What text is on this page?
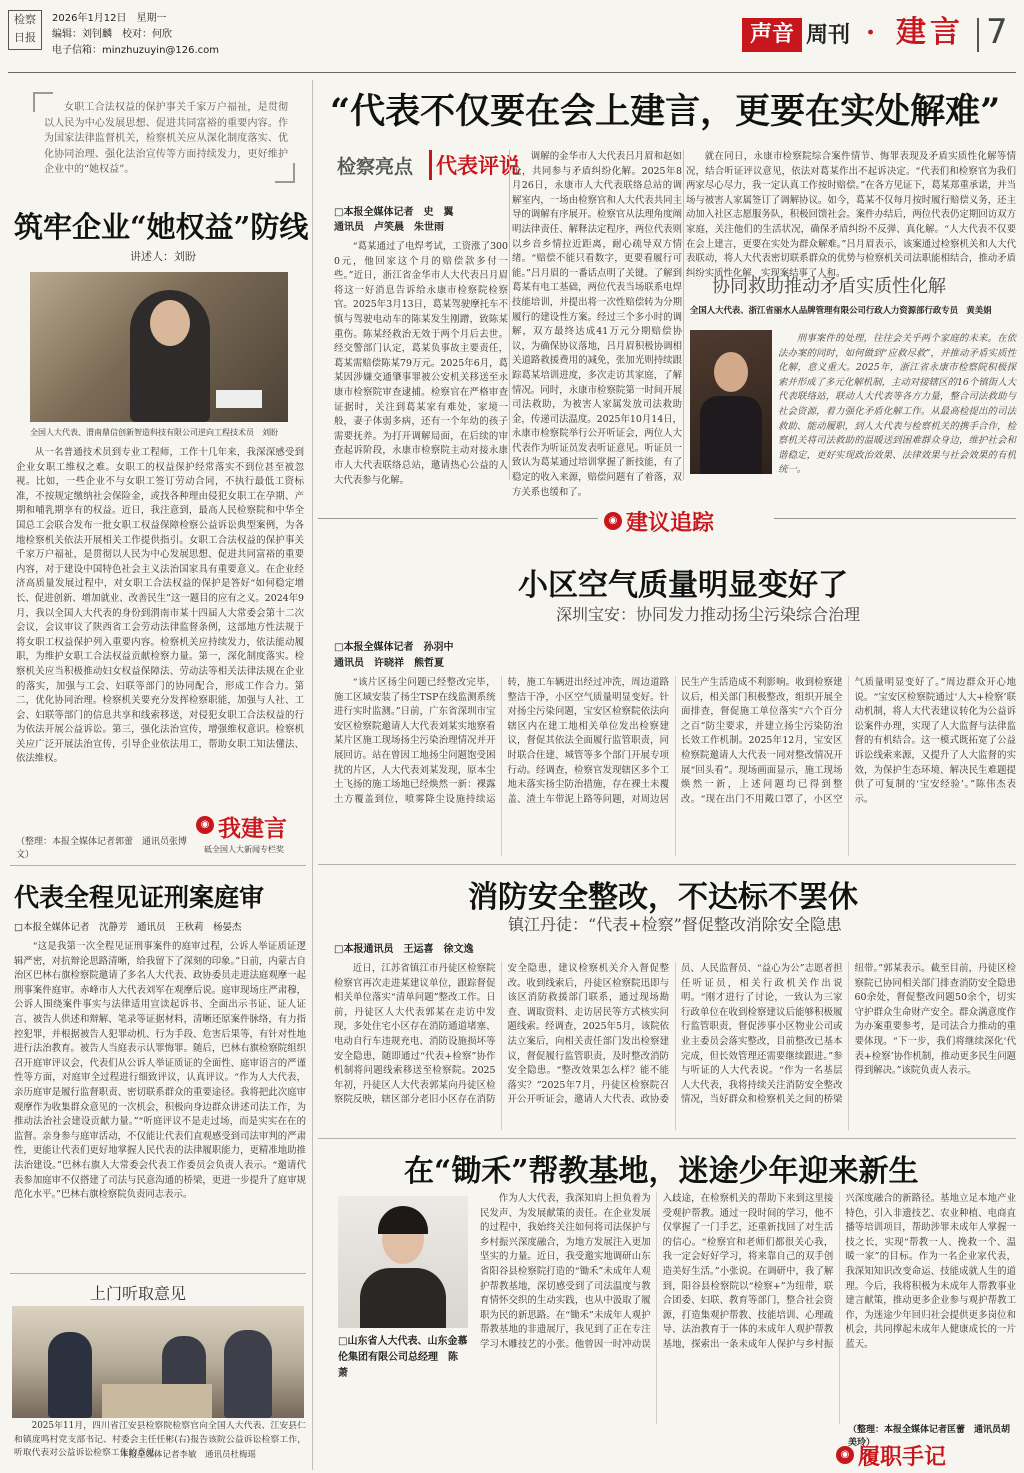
检察
日报
2026年1月12日　星期一
编辑：刘钊麟　校对：何欣
电子信箱：minzhuzuyin@126.com
声音 周刊 · 建言 7
女职工合法权益的保护事关千家万户福祉，是贯彻以人民为中心发展思想、促进共同富裕的重要内容。作为国家法律监督机关，检察机关应从深化制度落实、优化协同治理、强化法治宣传等方面持续发力，更好维护企业中的“她权益”。
筑牢企业“她权益”防线
讲述人：刘盼
全国人大代表、渭南鼎信创新智造科技有限公司逆向工程技术员　刘盼
从一名普通技术员到专业工程师，工作十几年来，我深深感受到企业女职工维权之难。女职工的权益保护经常落实不到位甚至被忽视。比如，一些企业不与女职工签订劳动合同，不执行最低工资标准，不按规定缴纳社会保险金，或找各种理由侵犯女职工在孕期、产期和哺乳期享有的权益。近日，我注意到，最高人民检察院和中华全国总工会联合发布一批女职工权益保障检察公益诉讼典型案例，为各地检察机关依法开展相关工作提供指引。女职工合法权益的保护事关千家万户福祉，是贯彻以人民为中心发展思想、促进共同富裕的重要内容，对于建设中国特色社会主义法治国家具有重要意义。在企业经济高质量发展过程中，对女职工合法权益的保护是答好“如何稳定增长、促进创新、增加就业、改善民生”这一题目的应有之义。2024年9月，我以全国人大代表的身份到渭南市某十四届人大常委会第十二次会议，会议审议了陕西省工会劳动法律监督条例，这部地方性法规于将女职工权益保护列入重要内容。检察机关应持续发力，依法能动履职，为维护女职工合法权益贡献检察力量。第一，深化制度落实。检察机关应当积极推动妇女权益保障法、劳动法等相关法律法规在企业的落实，加强与工会、妇联等部门的协同配合，形成工作合力。第二，优化协同治理。检察机关要充分发挥检察职能，加强与人社、工会、妇联等部门的信息共享和线索移送，对侵犯女职工合法权益的行为依法开展公益诉讼。第三，强化法治宣传，增强维权意识。检察机关应广泛开展法治宣传，引导企业依法用工，帮助女职工知法懂法、依法维权。
（整理：本报全媒体记者郭蕾　通讯员张博文）
◉ 我建言
砥全国人大新闻专栏奖
代表全程见证刑案庭审
□本报全媒体记者　沈静芳　通讯员　王秋莉　杨晏杰
“这是我第一次全程见证刑事案件的庭审过程，公诉人举证质证逻辑严密，对抗辩论思路清晰，给我留下了深刻的印象。”日前，内蒙古自治区巴林右旗检察院邀请了多名人大代表、政协委员走进法庭观摩一起刑事案件庭审。赤峰市人大代表刘军在观摩后说。庭审现场庄严肃穆，公诉人围绕案件事实与法律适用宣读起诉书、全面出示书证、证人证言、被告人供述和辩解、笔录等证据材料，清晰还原案件脉络，有力指控犯罪，并根据被告人犯罪动机、行为手段、危害后果等，有针对性地进行法治教育。被告人当庭表示认罪悔罪。随后，巴林右旗检察院组织召开庭审评议会，代表们从公诉人举证质证的全面性、庭审语言的严谨性等方面，对庭审全过程进行细致评议，认真评议。“作为人大代表，亲历庭审是履行监督职责、密切联系群众的重要途径。我将把此次庭审观摩作为收集群众意见的一次机会，积极向身边群众讲述司法工作，为推动法治社会建设贡献力量。”“听庭评议不是走过场，而是实实在在的监督。亲身参与庭审活动，不仅能让代表们直观感受到司法审判的严肃性，更能让代表们更好地掌握人民代表的法律履职能力，更精准地助推法治建设。”巴林右旗人大常委会代表工作委员会负责人表示。“邀请代表参加庭审不仅搭建了司法与民意沟通的桥梁，更进一步提升了庭审规范化水平。”巴林右旗检察院负责同志表示。
上门听取意见
2025年11月，四川省江安县检察院检察官向全国人大代表、江安县仁和镇庞鸣村党支部书记、村委会主任任彬(右)报告该院公益诉讼检察工作，听取代表对公益诉讼检察工作的意见。
本报全媒体记者李敏　通讯员杜梅瑶
“代表不仅要在会上建言，更要在实处解难”
检察亮点	代表评说
□本报全媒体记者　史　翼
通讯员　卢笑晨　朱世雨
“葛某通过了电焊考试，工资涨了3000元，他回家这个月的赔偿款多付一些。”近日，浙江省金华市人大代表吕月眉将这一好消息告诉给永康市检察院检察官。2025年3月13日，葛某驾驶摩托车不慎与驾驶电动车的陈某发生刚蹭，致陈某重伤。陈某经救治无效于两个月后去世。经交警部门认定，葛某负事故主要责任，葛某需赔偿陈某79万元。2025年6月，葛某因涉嫌交通肇事罪被公安机关移送至永康市检察院审查逮捕。检察官在严格审查证据时，关注到葛某家有难处，家境一般，妻子体弱多病，还有一个年幼的孩子需要抚养。为打开调解局面，在后续的审查起诉阶段，永康市检察院主动对接永康市人大代表联络总站，邀请热心公益的人大代表参与化解。
调解的金华市人大代表吕月眉和赵如沧，共同参与矛盾纠纷化解。2025年8月26日，永康市人大代表联络总站的调解室内，一场由检察官和人大代表共同主导的调解有序展开。检察官从法理角度阐明法律责任、解释法定程序，两位代表则以乡音乡情拉近距离，耐心疏导双方情绪。“赔偿不能只看数字，更要看履行可能。”吕月眉的一番话点明了关键。了解到葛某有电工基础，两位代表当场联系电焊技能培训，并提出将一次性赔偿转为分期履行的建设性方案。经过三个多小时的调解，双方最终达成41万元分期赔偿协议，为确保协议落地，吕月眉积极协调相关道路救援费用的减免，张加光则持续跟踪葛某培训进度，多次走访其家庭，了解情况。同时，永康市检察院第一时间开展司法救助，为被害人家属发放司法救助金，传递司法温度。2025年10月14日，永康市检察院举行公开听证会，两位人大代表作为听证员发表听证意见。听证员一致认为葛某通过培训掌握了新技能，有了稳定的收入来源，赔偿问题有了着落，双方关系也缓和了。
就在同日，永康市检察院综合案件情节、悔罪表现及矛盾实质性化解等情况，结合听证评议意见，依法对葛某作出不起诉决定。“代表们和检察官为我们两家尽心尽力，我一定认真工作按时赔偿。”在各方见证下，葛某郑重承诺，并当场与被害人家属签订了调解协议。如今，葛某不仅每月按时履行赔偿义务，还主动加入社区志愿服务队，积极回馈社会。案件办结后，两位代表仍定期回访双方家庭，关注他们的生活状况，确保矛盾纠纷不反弹、真化解。“人大代表不仅要在会上建言，更要在实处为群众解难。”吕月眉表示，该案通过检察机关和人大代表联动，将人大代表密切联系群众的优势与检察机关司法职能相结合，推动矛盾纠纷实质性化解，实现案结事了人和。
协同救助推动矛盾实质性化解
全国人大代表、浙江省丽水人品牌管理有限公司行政人力资源部行政专员　黄美娟
刑事案件的处理，往往会关乎两个家庭的未来。在依法办案的同时，如何做到“应救尽救”，并推动矛盾实质性化解，意义重大。2025年，浙江省永康市检察院积极探索并形成了多元化解机制，主动对接辖区的16个镇街人大代表联络站，联动人大代表等各方力量，整合司法救助与社会资源，着力强化矛盾化解工作。从最高检提出的司法救助、能动履职，到人大代表与检察机关的携手合作，检察机关将司法救助的温暖送到困难群众身边，维护社会和谐稳定，更好实现政治效果、法律效果与社会效果的有机统一。
◉ 建议追踪
小区空气质量明显变好了
深圳宝安：协同发力推动扬尘污染综合治理
□本报全媒体记者　孙羽中
通讯员　许晓祥　熊哲夏
“该片区扬尘问题已经整改完毕，施工区域安装了扬尘TSP在线监测系统进行实时监测。”日前，广东省深圳市宝安区检察院邀请人大代表刘某实地察看某片区施工现场扬尘污染治理情况并开展回访。站在曾因工地扬尘问题饱受困扰的片区，人大代表刘某发现，原本尘土飞扬的施工场地已经焕然一新：裸露土方覆盖到位，喷雾降尘设施持续运转，施工车辆进出经过冲洗，周边道路整洁干净，小区空气质量明显变好。针对扬尘污染问题，宝安区检察院依法向辖区内在建工地相关单位发出检察建议，督促其依法全面履行监管职责，同时联合住建、城管等多个部门开展专项行动。经调查，检察官发现辖区多个工地未落实扬尘防治措施，存在裸土未覆盖、渣土车带泥上路等问题，对周边居民生产生活造成不利影响。收到检察建议后，相关部门积极整改，组织开展全面排查，督促施工单位落实“六个百分之百”防尘要求，并建立扬尘污染防治长效工作机制。2025年12月，宝安区检察院邀请人大代表一同对整改情况开展“回头看”。现场画面显示，施工现场焕然一新，上述问题均已得到整改。“现在出门不用戴口罩了，小区空气质量明显变好了。”周边群众开心地说。“宝安区检察院通过‘人大+检察’联动机制，将人大代表建议转化为公益诉讼案件办理，实现了人大监督与法律监督的有机结合。这一模式既拓宽了公益诉讼线索来源，又提升了人大监督的实效，为保护生态环境、解决民生难题提供了可复制的‘宝安经验’。”陈伟杰表示。
消防安全整改，不达标不罢休
镇江丹徒：“代表+检察”督促整改消除安全隐患
□本报通讯员　王运喜　徐文逸
近日，江苏省镇江市丹徒区检察院检察官再次走进某建议单位，跟踪督促相关单位落实“清单问题”整改工作。日前，丹徒区人大代表郭某在走访中发现，多处住宅小区存在消防通道堵塞、电动自行车违规充电、消防设施损坏等安全隐患，随即通过“代表+检察”协作机制将问题线索移送至检察院。2025年初，丹徒区人大代表郭某向丹徒区检察院反映，辖区部分老旧小区存在消防安全隐患，建议检察机关介入督促整改。收到线索后，丹徒区检察院迅即与该区消防救援部门联系，通过现场勘查、调取资料、走访居民等方式核实问题线索。经调查，2025年5月，该院依法立案后，向相关责任部门发出检察建议，督促履行监管职责，及时整改消防安全隐患。“整改效果怎么样？能不能落实？”2025年7月，丹徒区检察院召开公开听证会，邀请人大代表、政协委员、人民监督员、“益心为公”志愿者担任听证员，相关行政机关作出说明。“刚才进行了讨论，一致认为三家行政单位在收到检察建议后能够积极履行监管职责，督促涉事小区物业公司或业主委员会落实整改，目前整改已基本完成，但长效管理还需要继续跟进。”参与听证的人大代表说。“作为一名基层人大代表，我将持续关注消防安全整改情况，当好群众和检察机关之间的桥梁纽带。”郭某表示。截至目前，丹徒区检察院已协同相关部门排查消防安全隐患60余处，督促整改问题50余个，切实守护群众生命财产安全。群众满意度作为办案重要参考，是司法合力推动的重要体现。“下一步，我们将继续深化‘代表+检察’协作机制，推动更多民生问题得到解决。”该院负责人表示。
在“锄禾”帮教基地，迷途少年迎来新生
□山东省人大代表、山东金慕伦集团有限公司总经理　陈　萧
作为人大代表，我深知肩上担负着为民发声、为发展献策的责任。在企业发展的过程中，我始终关注如何将司法保护与乡村振兴深度融合，为地方发展注入更加坚实的力量。近日，我受邀实地调研山东省阳谷县检察院打造的“锄禾”未成年人观护帮教基地，深切感受到了司法温度与教育情怀交织的生动实践，也从中汲取了履职为民的新思路。在“锄禾”未成年人观护帮教基地的非遗展厅，我见到了正在专注学习木雕技艺的小张。他曾因一时冲动误入歧途，在检察机关的帮助下来到这里接受观护帮教。通过一段时间的学习，他不仅掌握了一门手艺，还重新找回了对生活的信心。“检察官和老师们都很关心我，我一定会好好学习，将来靠自己的双手创造美好生活。”小张说。在调研中，我了解到，阳谷县检察院以“检察+”为纽带，联合团委、妇联、教育等部门，整合社会资源，打造集观护帮教、技能培训、心理疏导、法治教育于一体的未成年人观护帮教基地，探索出一条未成年人保护与乡村振兴深度融合的新路径。基地立足本地产业特色，引入非遗技艺、农业种植、电商直播等培训项目，帮助涉罪未成年人掌握一技之长，实现“帮教一人、挽救一个、温暖一家”的目标。作为一名企业家代表，我深知知识改变命运、技能成就人生的道理。今后，我将积极为未成年人帮教事业建言献策，推动更多企业参与观护帮教工作，为迷途少年回归社会提供更多岗位和机会，共同撑起未成年人健康成长的一片蓝天。
（整理：本报全媒体记者匡蕾　通讯员胡美玲）
◉ 履职手记
